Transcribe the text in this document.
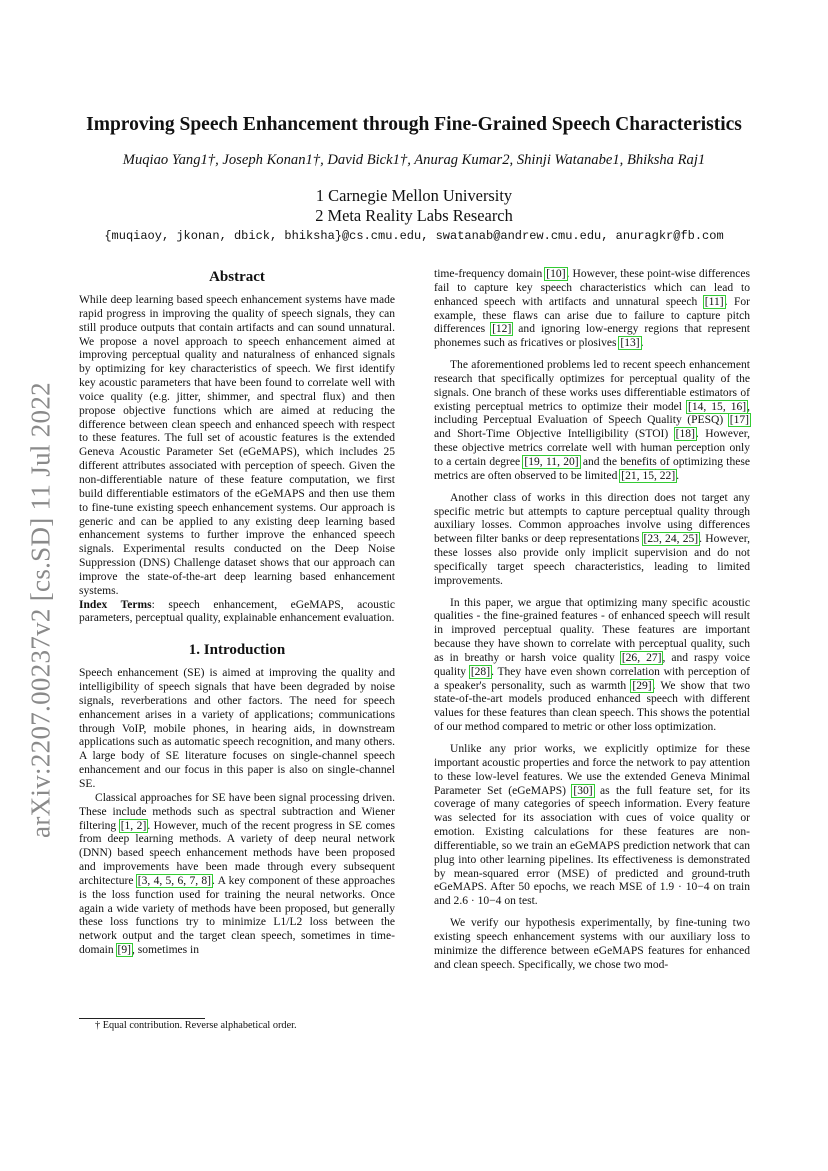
arXiv:2207.00237v2 [cs.SD] 11 Jul 2022
Improving Speech Enhancement through Fine-Grained Speech Characteristics
Muqiao Yang1†, Joseph Konan1†, David Bick1†, Anurag Kumar2, Shinji Watanabe1, Bhiksha Raj1
1 Carnegie Mellon University
2 Meta Reality Labs Research
{muqiaoy, jkonan, dbick, bhiksha}@cs.cmu.edu, swatanab@andrew.cmu.edu, anuragkr@fb.com
Abstract

While deep learning based speech enhancement systems have made rapid progress in improving the quality of speech signals, they can still produce outputs that contain artifacts and can sound unnatural. We propose a novel approach to speech enhancement aimed at improving perceptual quality and naturalness of enhanced signals by optimizing for key characteristics of speech. We first identify key acoustic parameters that have been found to correlate well with voice quality (e.g. jitter, shimmer, and spectral flux) and then propose objective functions which are aimed at reducing the difference between clean speech and enhanced speech with respect to these features. The full set of acoustic features is the extended Geneva Acoustic Parameter Set (eGeMAPS), which includes 25 different attributes associated with perception of speech. Given the non-differentiable nature of these feature computation, we first build differentiable estimators of the eGeMAPS and then use them to fine-tune existing speech enhancement systems. Our approach is generic and can be applied to any existing deep learning based enhancement systems to further improve the enhanced speech signals. Experimental results conducted on the Deep Noise Suppression (DNS) Challenge dataset shows that our approach can improve the state-of-the-art deep learning based enhancement systems.

Index Terms: speech enhancement, eGeMAPS, acoustic parameters, perceptual quality, explainable enhancement evaluation.

1. Introduction

Speech enhancement (SE) is aimed at improving the quality and intelligibility of speech signals that have been degraded by noise signals, reverberations and other factors. The need for speech enhancement arises in a variety of applications; communications through VoIP, mobile phones, in hearing aids, in downstream applications such as automatic speech recognition, and many others. A large body of SE literature focuses on single-channel speech enhancement and our focus in this paper is also on single-channel SE.

Classical approaches for SE have been signal processing driven. These include methods such as spectral subtraction and Wiener filtering [1, 2]. However, much of the recent progress in SE comes from deep learning methods. A variety of deep neural network (DNN) based speech enhancement methods have been proposed and improvements have been made through every subsequent architecture [3, 4, 5, 6, 7, 8]. A key component of these approaches is the loss function used for training the neural networks. Once again a wide variety of methods have been proposed, but generally these loss functions try to minimize L1/L2 loss between the network output and the target clean speech, sometimes in time-domain [9], sometimes in

time-frequency domain [10]. However, these point-wise differences fail to capture key speech characteristics which can lead to enhanced speech with artifacts and unnatural speech [11]. For example, these flaws can arise due to failure to capture pitch differences [12] and ignoring low-energy regions that represent phonemes such as fricatives or plosives [13].

The aforementioned problems led to recent speech enhancement research that specifically optimizes for perceptual quality of the signals. One branch of these works uses differentiable estimators of existing perceptual metrics to optimize their model [14, 15, 16], including Perceptual Evaluation of Speech Quality (PESQ) [17] and Short-Time Objective Intelligibility (STOI) [18]. However, these objective metrics correlate well with human perception only to a certain degree [19, 11, 20] and the benefits of optimizing these metrics are often observed to be limited [21, 15, 22].

Another class of works in this direction does not target any specific metric but attempts to capture perceptual quality through auxiliary losses. Common approaches involve using differences between filter banks or deep representations [23, 24, 25]. However, these losses also provide only implicit supervision and do not specifically target speech characteristics, leading to limited improvements.

In this paper, we argue that optimizing many specific acoustic qualities - the fine-grained features - of enhanced speech will result in improved perceptual quality. These features are important because they have shown to correlate with perceptual quality, such as in breathy or harsh voice quality [26, 27], and raspy voice quality [28]. They have even shown correlation with perception of a speaker's personality, such as warmth [29]. We show that two state-of-the-art models produced enhanced speech with different values for these features than clean speech. This shows the potential of our method compared to metric or other loss optimization.

Unlike any prior works, we explicitly optimize for these important acoustic properties and force the network to pay attention to these low-level features. We use the extended Geneva Minimal Parameter Set (eGeMAPS) [30] as the full feature set, for its coverage of many categories of speech information. Every feature was selected for its association with cues of voice quality or emotion. Existing calculations for these features are non-differentiable, so we train an eGeMAPS prediction network that can plug into other learning pipelines. Its effectiveness is demonstrated by mean-squared error (MSE) of predicted and ground-truth eGeMAPS. After 50 epochs, we reach MSE of 1.9 · 10−4 on train and 2.6 · 10−4 on test.

We verify our hypothesis experimentally, by fine-tuning two existing speech enhancement systems with our auxiliary loss to minimize the difference between eGeMAPS features for enhanced and clean speech. Specifically, we chose two mod-

† Equal contribution. Reverse alphabetical order.
